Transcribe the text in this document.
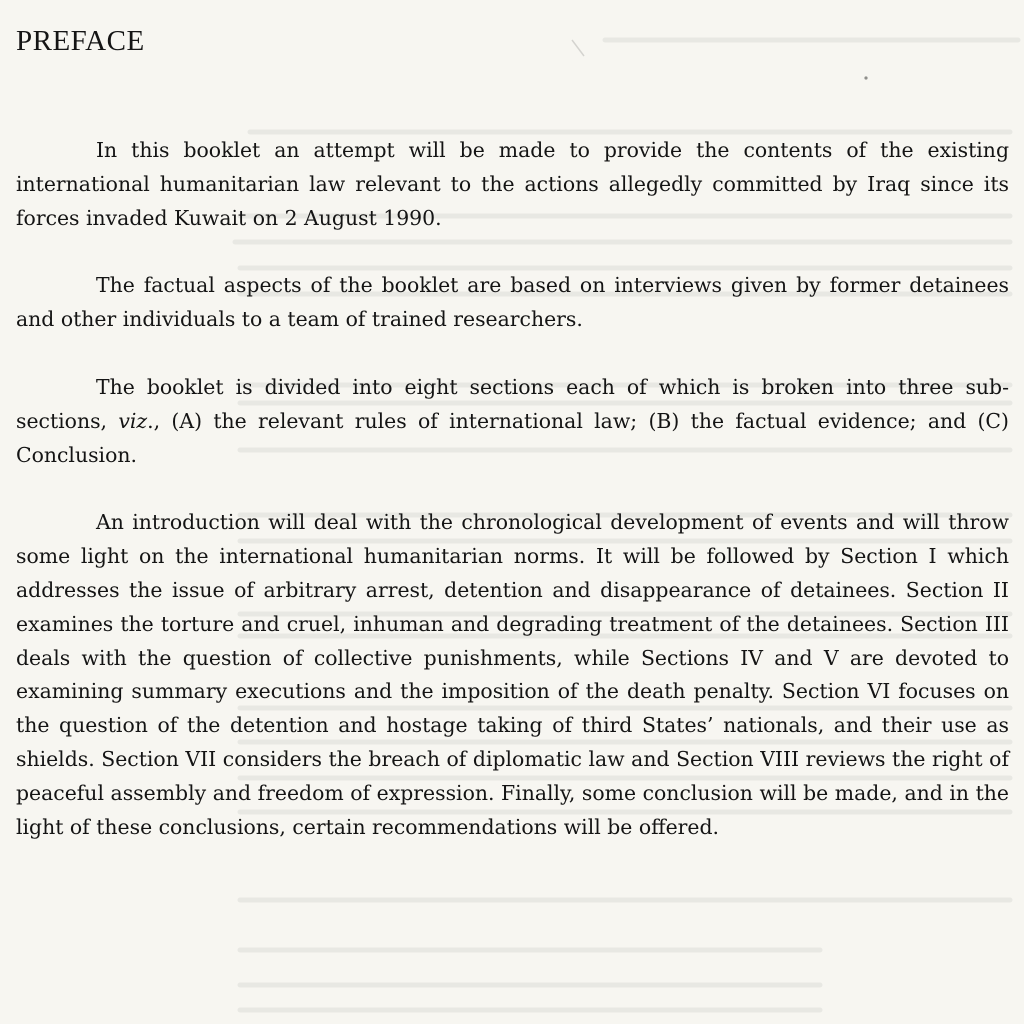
PREFACE

In this booklet an attempt will be made to provide the contents of the existing international humanitarian law relevant to the actions allegedly committed by Iraq since its forces invaded Kuwait on 2 August 1990.

The factual aspects of the booklet are based on interviews given by former detainees and other individuals to a team of trained researchers.

The booklet is divided into eight sections each of which is broken into three sub-sections, viz., (A) the relevant rules of international law; (B) the factual evidence; and (C) Conclusion.

An introduction will deal with the chronological development of events and will throw some light on the international humanitarian norms. It will be followed by Section I which addresses the issue of arbitrary arrest, detention and disappearance of detainees. Section II examines the torture and cruel, inhuman and degrading treatment of the detainees. Section III deals with the question of collective punishments, while Sections IV and V are devoted to examining summary executions and the imposition of the death penalty. Section VI focuses on the question of the detention and hostage taking of third States’ nationals, and their use as shields. Section VII considers the breach of diplomatic law and Section VIII reviews the right of peaceful assembly and freedom of expression. Finally, some conclusion will be made, and in the light of these conclusions, certain recommendations will be offered.
